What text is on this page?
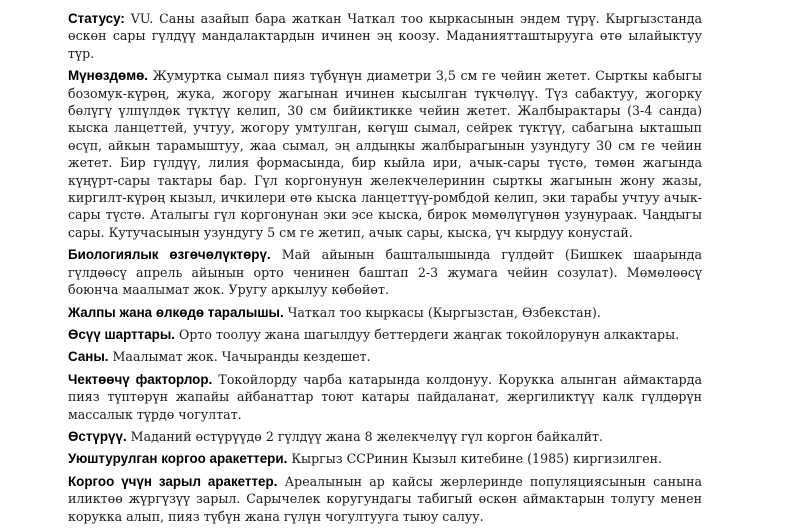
Статусу: VU. Саны азайып бара жаткан Чаткал тоо кыркасынын эндем түрү. Кыргызстанда өскөн сары гүлдүү мандалактардын ичинен эң коозу. Маданиятташтырууга өтө ылайыктуу түр.

Мүнөздөмө. Жумуртка сымал пияз түбүнүн диаметри 3,5 см ге чейин жетет. Сырткы кабыгы бозомук-күрөң, жука, жогору жагынан ичинен кысылган түкчөлүү. Түз сабактуу, жогорку бөлүгү үлпүлдөк түктүү келип, 30 см бийиктикке чейин жетет. Жалбырактары (3-4 санда) кыска ланцеттей, учтуу, жогору умтулган, көгүш сымал, сейрек түктүү, сабагына ыкташып өсүп, айкын тарамыштуу, жаа сымал, эң алдыңкы жалбырагынын узундугу 30 см ге чейин жетет. Бир гүлдүү, лилия формасында, бир кыйла ири, ачык-сары түстө, төмөн жагында күңүрт-сары тактары бар. Гүл коргонунун желекчелеринин сырткы жагынын жону жазы, киргилт-күрөң кызыл, ичкилери өтө кыска ланцеттүү-ромбдой келип, эки тарабы учтуу ачык-сары түстө. Аталыгы гүл коргонунан эки эсе кыска, бирок мөмөлүгүнөн узунураак. Чаңдыгы сары. Кутучасынын узундугу 5 см ге жетип, ачык сары, кыска, үч кырдуу конустай.

Биологиялык өзгөчөлүктөрү. Май айынын башталышында гүлдөйт (Бишкек шаарында гүлдөөсү апрель айынын орто ченинен баштап 2-3 жумага чейин созулат). Мөмөлөөсү боюнча маалымат жок. Уругу аркылуу көбөйөт.

Жалпы жана өлкөдө таралышы. Чаткал тоо кыркасы (Кыргызстан, Өзбекстан).

Өсүү шарттары. Орто тоолуу жана шагылдуу беттердеги жаңгак токойлорунун алкактары.

Саны. Маалымат жок. Чачыранды кездешет.

Чектөөчү факторлор. Токойлорду чарба катарында колдонуу. Корукка алынган аймактарда пияз түптөрүн жапайы айбанаттар тоют катары пайдаланат, жергиликтүү калк гүлдөрүн массалык түрдө чогултат.

Өстүрүү. Маданий өстүрүүдө 2 гүлдүү жана 8 желекчелүү гүл коргон байкалйт.

Уюштурулган коргоо аракеттери. Кыргыз ССРинин Кызыл китебине (1985) киргизилген.

Коргоо үчүн зарыл аракеттер. Ареалынын ар кайсы жерлеринде популяциясынын санына иликтөө жүргүзүү зарыл. Сарычелек коругундагы табигый өскөн аймактарын толугу менен корукка алып, пияз түбүн жана гүлүн чогултууга тыюу салуу.
